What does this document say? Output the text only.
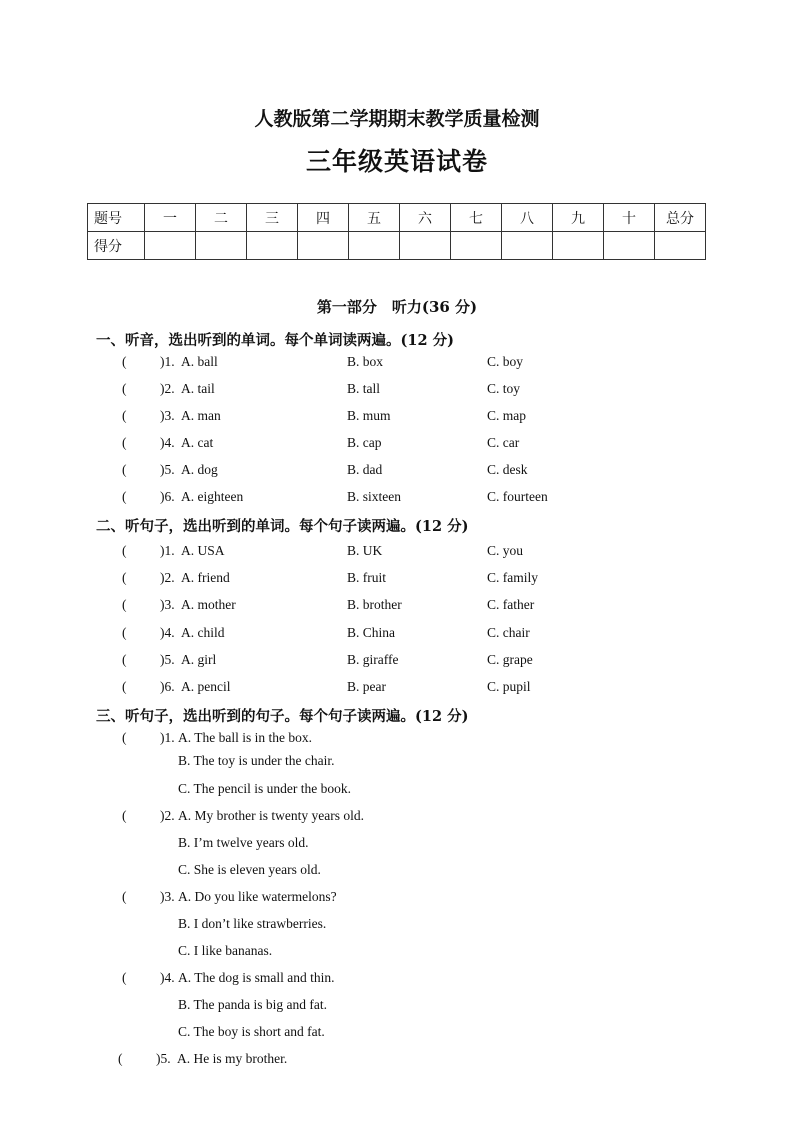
人教版第二学期期末教学质量检测
三年级英语试卷
题号	一	二	三	四	五	六	七	八	九	十	总分
得分											
第一部分　听力(36 分)
一、听音，选出听到的单词。每个单词读两遍。(12 分)
( )1. A. ball	B. box	C. boy
( )2. A. tail	B. tall	C. toy
( )3. A. man	B. mum	C. map
( )4. A. cat	B. cap	C. car
( )5. A. dog	B. dad	C. desk
( )6. A. eighteen	B. sixteen	C. fourteen
二、听句子，选出听到的单词。每个句子读两遍。(12 分)
( )1. A. USA	B. UK	C. you
( )2. A. friend	B. fruit	C. family
( )3. A. mother	B. brother	C. father
( )4. A. child	B. China	C. chair
( )5. A. girl	B. giraffe	C. grape
( )6. A. pencil	B. pear	C. pupil
三、听句子，选出听到的句子。每个句子读两遍。(12 分)
( )1. A. The ball is in the box.
B. The toy is under the chair.
C. The pencil is under the book.
( )2. A. My brother is twenty years old.
B. I’m twelve years old.
C. She is eleven years old.
( )3. A. Do you like watermelons?
B. I don’t like strawberries.
C. I like bananas.
( )4. A. The dog is small and thin.
B. The panda is big and fat.
C. The boy is short and fat.
( )5. A. He is my brother.
